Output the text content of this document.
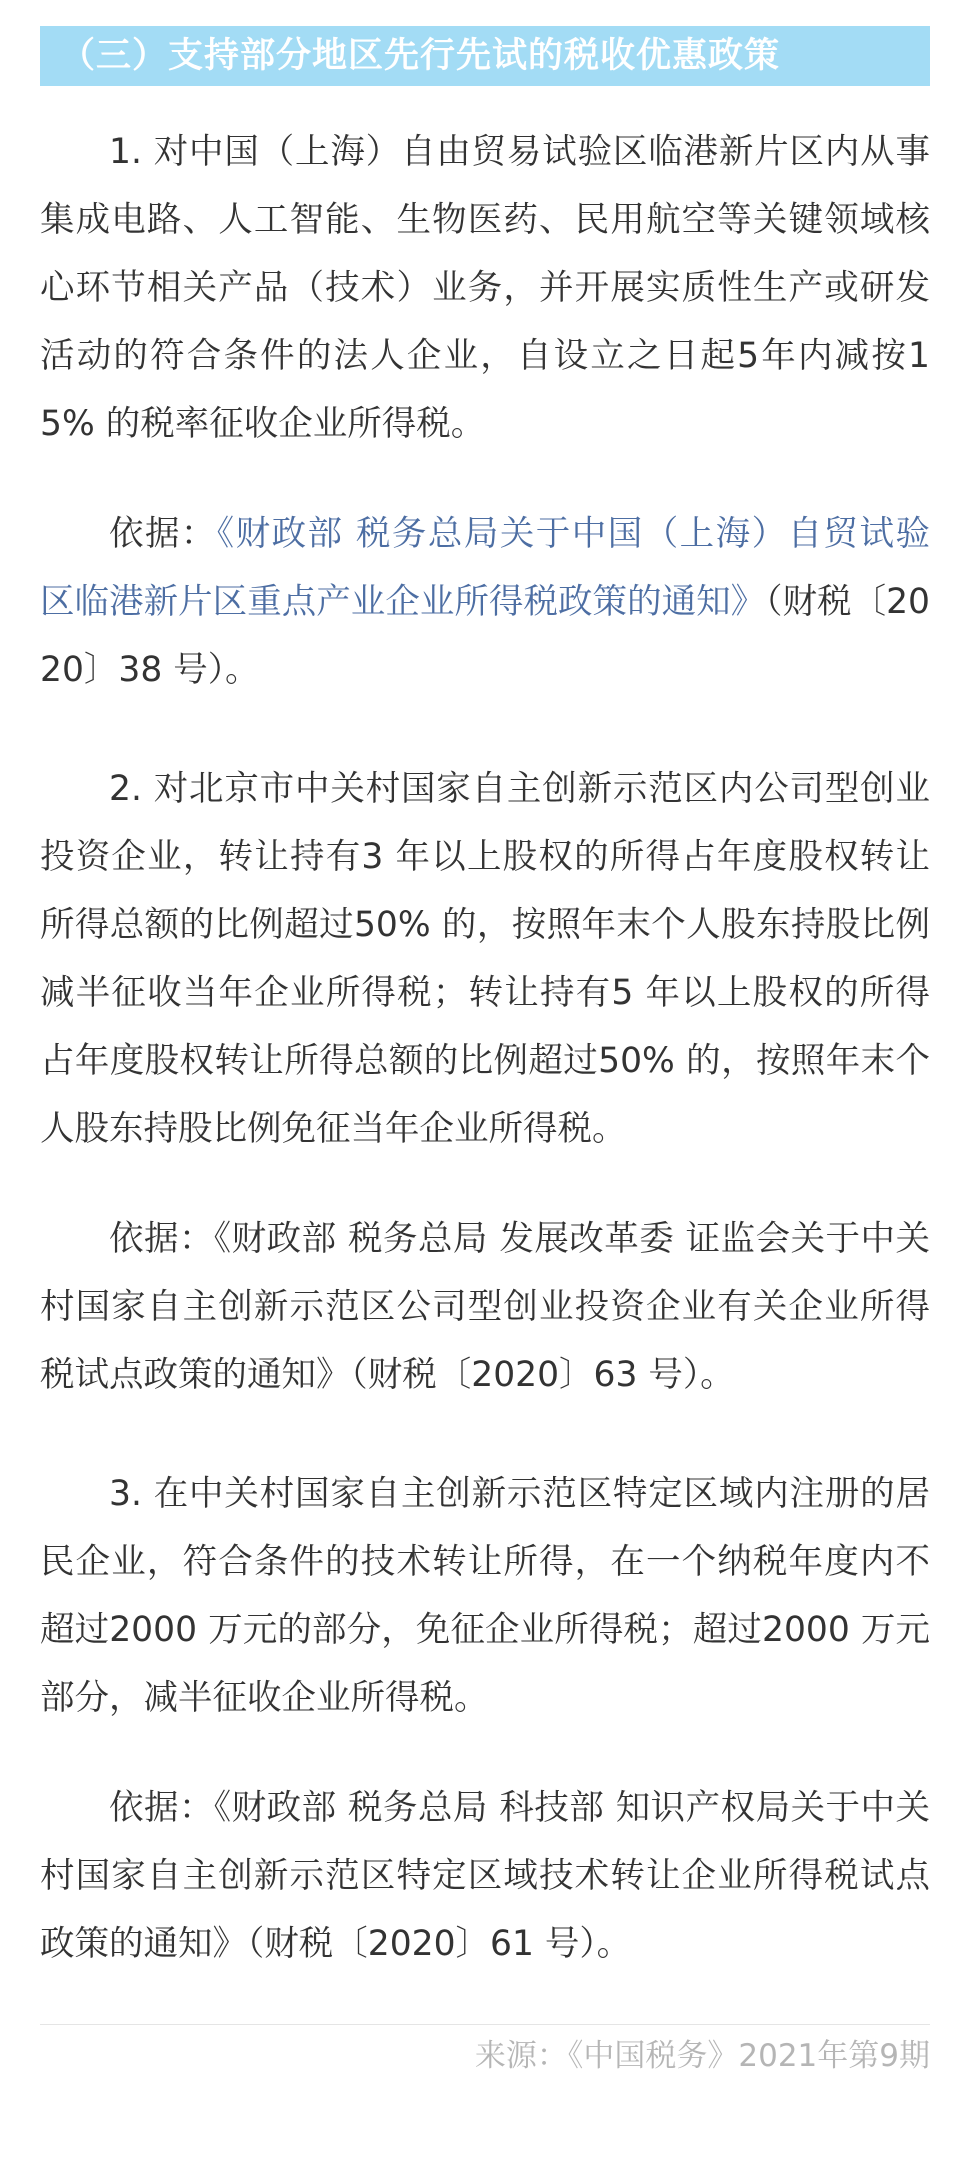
（三）支持部分地区先行先试的税收优惠政策

1. 对中国（上海）自由贸易试验区临港新片区内从事集成电路、人工智能、生物医药、民用航空等关键领域核心环节相关产品（技术）业务，并开展实质性生产或研发活动的符合条件的法人企业，自设立之日起5年内减按15% 的税率征收企业所得税。

依据：《财政部 税务总局关于中国（上海）自贸试验区临港新片区重点产业企业所得税政策的通知》（财税〔2020〕38 号）。

2. 对北京市中关村国家自主创新示范区内公司型创业投资企业，转让持有3 年以上股权的所得占年度股权转让所得总额的比例超过50% 的，按照年末个人股东持股比例减半征收当年企业所得税；转让持有5 年以上股权的所得占年度股权转让所得总额的比例超过50% 的，按照年末个人股东持股比例免征当年企业所得税。

依据：《财政部 税务总局 发展改革委 证监会关于中关村国家自主创新示范区公司型创业投资企业有关企业所得税试点政策的通知》（财税〔2020〕63 号）。

3. 在中关村国家自主创新示范区特定区域内注册的居民企业，符合条件的技术转让所得，在一个纳税年度内不超过2000 万元的部分，免征企业所得税；超过2000 万元部分，减半征收企业所得税。

依据：《财政部 税务总局 科技部 知识产权局关于中关村国家自主创新示范区特定区域技术转让企业所得税试点政策的通知》（财税〔2020〕61 号）。

来源：《中国税务》2021年第9期
